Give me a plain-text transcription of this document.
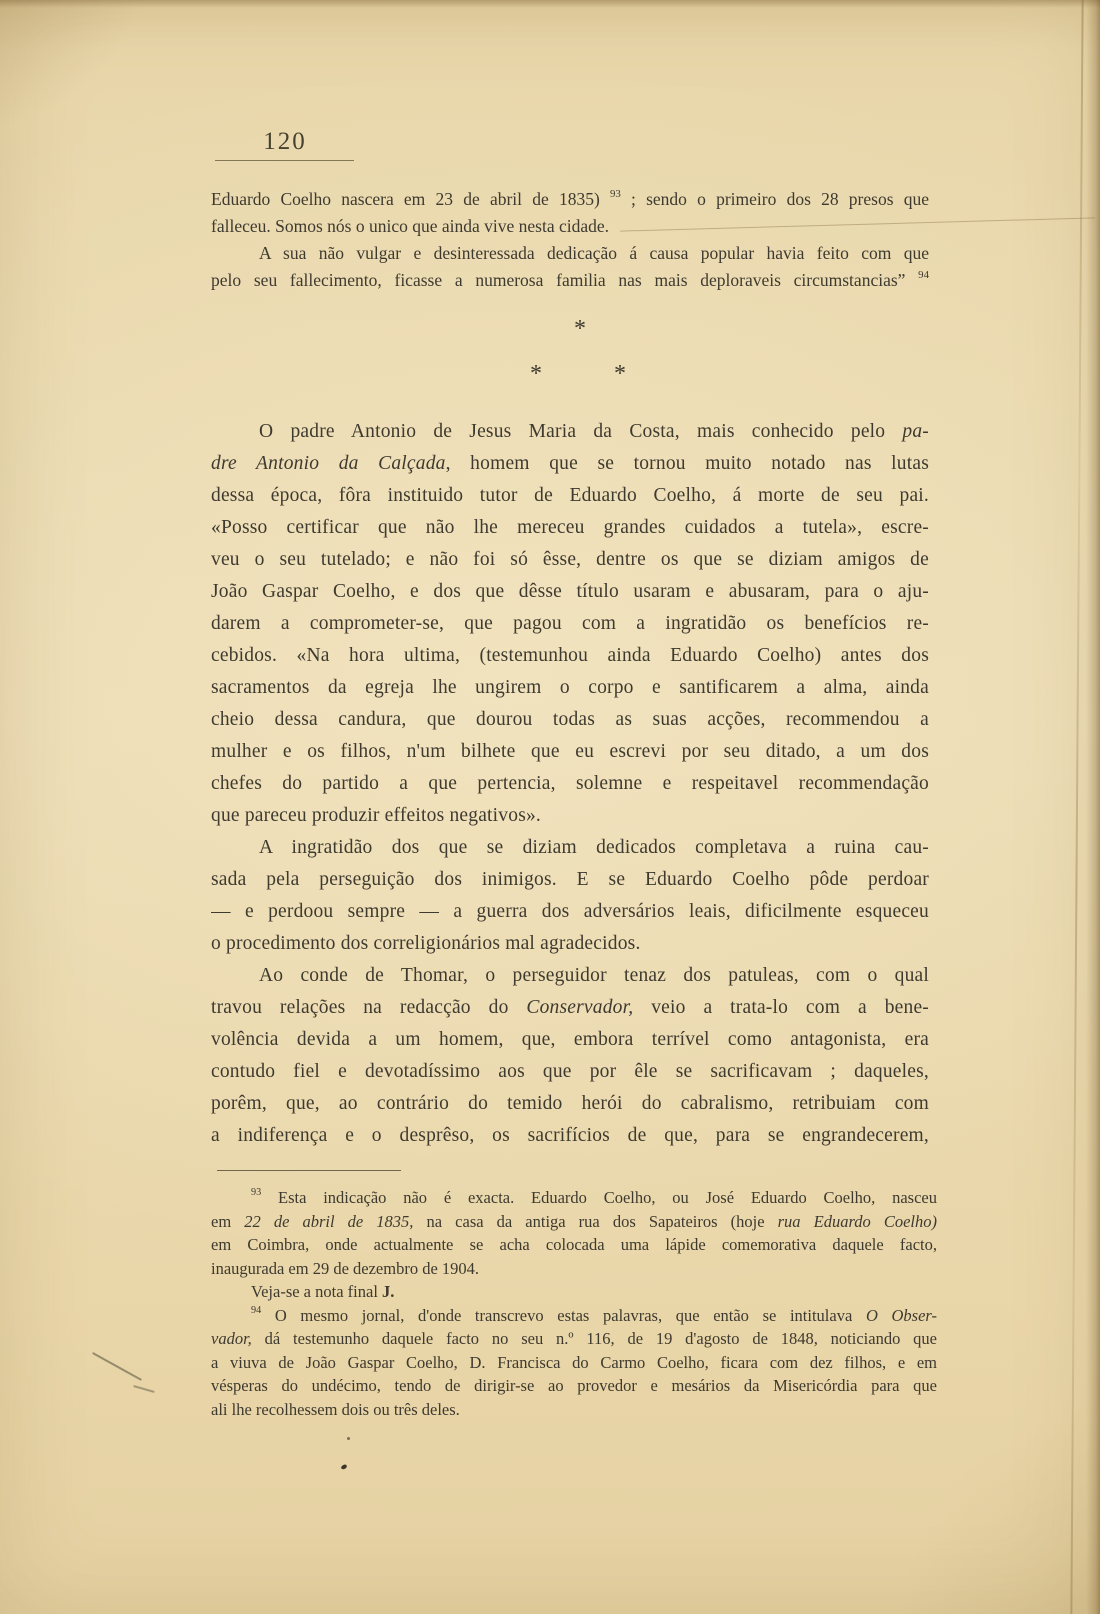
120
Eduardo Coelho nascera em 23 de abril de 1835) $^{93}$ ; sendo o primeiro dos 28 presos que
falleceu. Somos nós o unico que ainda vive nesta cidade.
A sua não vulgar e desinteressada dedicação á causa popular havia feito com que
pelo seu fallecimento, ficasse a numerosa familia nas mais deploraveis circumstancias” $^{94}$
*
*	*
O padre Antonio de Jesus Maria da Costa, mais conhecido pelo pa-
dre Antonio da Calçada, homem que se tornou muito notado nas lutas
dessa época, fôra instituido tutor de Eduardo Coelho, á morte de seu pai.
«Posso certificar que não lhe mereceu grandes cuidados a tutela», escre-
veu o seu tutelado; e não foi só êsse, dentre os que se diziam amigos de
João Gaspar Coelho, e dos que dêsse título usaram e abusaram, para o aju-
darem a comprometer-se, que pagou com a ingratidão os benefícios re-
cebidos. «Na hora ultima, (testemunhou ainda Eduardo Coelho) antes dos
sacramentos da egreja lhe ungirem o corpo e santificarem a alma, ainda
cheio dessa candura, que dourou todas as suas acções, recommendou a
mulher e os filhos, n'um bilhete que eu escrevi por seu ditado, a um dos
chefes do partido a que pertencia, solemne e respeitavel recommendação
que pareceu produzir effeitos negativos».
A ingratidão dos que se diziam dedicados completava a ruina cau-
sada pela perseguição dos inimigos. E se Eduardo Coelho pôde perdoar
— e perdoou sempre — a guerra dos adversários leais, dificilmente esqueceu
o procedimento dos correligionários mal agradecidos.
Ao conde de Thomar, o perseguidor tenaz dos patuleas, com o qual
travou relações na redacção do Conservador, veio a trata-lo com a bene-
volência devida a um homem, que, embora terrível como antagonista, era
contudo fiel e devotadíssimo aos que por êle se sacrificavam ; daqueles,
porêm, que, ao contrário do temido herói do cabralismo, retribuiam com
a indiferença e o desprêso, os sacrifícios de que, para se engrandecerem,
$^{93}$ Esta indicação não é exacta. Eduardo Coelho, ou José Eduardo Coelho, nasceu
em 22 de abril de 1835, na casa da antiga rua dos Sapateiros (hoje rua Eduardo Coelho)
em Coimbra, onde actualmente se acha colocada uma lápide comemorativa daquele facto,
inaugurada em 29 de dezembro de 1904.
Veja-se a nota final J.
$^{94}$ O mesmo jornal, d'onde transcrevo estas palavras, que então se intitulava O Obser-
vador, dá testemunho daquele facto no seu n.º 116, de 19 d'agosto de 1848, noticiando que
a viuva de João Gaspar Coelho, D. Francisca do Carmo Coelho, ficara com dez filhos, e em
vésperas do undécimo, tendo de dirigir-se ao provedor e mesários da Misericórdia para que
ali lhe recolhessem dois ou três deles.
